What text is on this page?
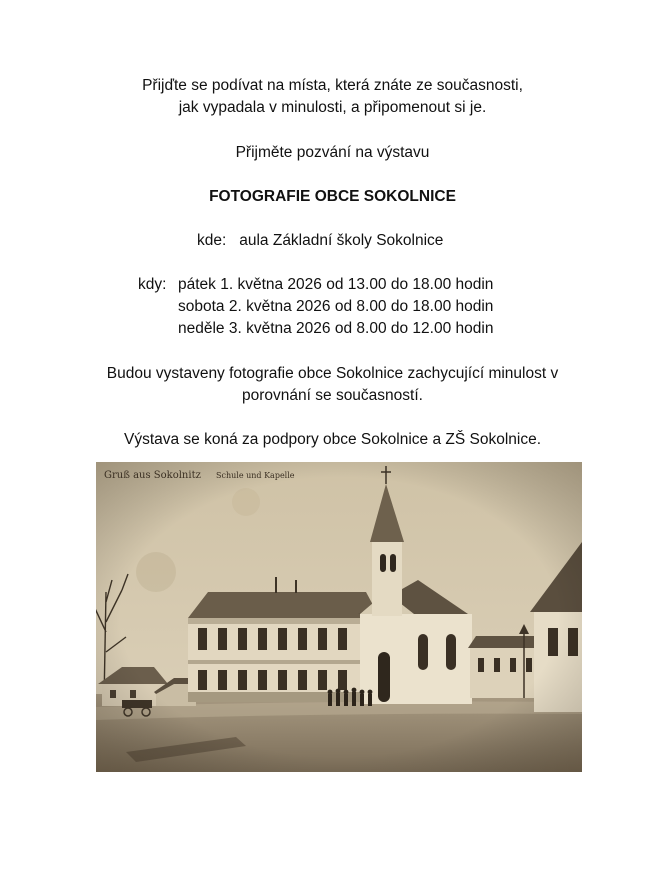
Přijďte se podívat na místa, která znáte ze současnosti,
jak vypadala v minulosti, a připomenout si je.
Přijměte pozvání na výstavu
FOTOGRAFIE OBCE SOKOLNICE
kde: aula Základní školy Sokolnice
kdy: pátek 1. května 2026 od 13.00 do 18.00 hodin
sobota 2. května 2026 od 8.00 do 18.00 hodin
neděle 3. května 2026 od 8.00 do 12.00 hodin
Budou vystaveny fotografie obce Sokolnice zachycující minulost v
porovnání se současností.
Výstava se koná za podpory obce Sokolnice a ZŠ Sokolnice.
Gruß aus Sokolnitz Schule und Kapelle
